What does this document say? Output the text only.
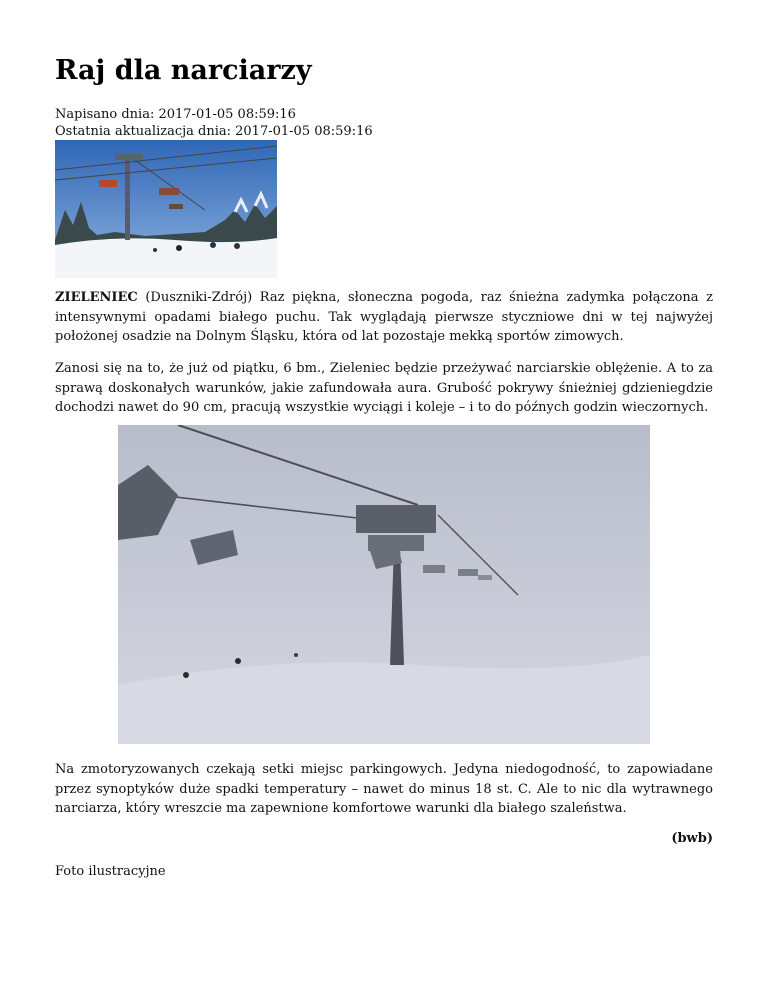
Raj dla narciarzy
Napisano dnia: 2017-01-05 08:59:16
Ostatnia aktualizacja dnia: 2017-01-05 08:59:16

ZIELENIEC (Duszniki-Zdrój) Raz piękna, słoneczna pogoda, raz śnieżna zadymka połączona z intensywnymi opadami białego puchu. Tak wyglądają pierwsze styczniowe dni w tej najwyżej położonej osadzie na Dolnym Śląsku, która od lat pozostaje mekką sportów zimowych.

Zanosi się na to, że już od piątku, 6 bm., Zieleniec będzie przeżywać narciarskie oblężenie. A to za sprawą doskonałych warunków, jakie zafundowała aura. Grubość pokrywy śnieżniej gdzieniegdzie dochodzi nawet do 90 cm, pracują wszystkie wyciągi i koleje – i to do późnych godzin wieczornych.

Na zmotoryzowanych czekają setki miejsc parkingowych. Jedyna niedogodność, to zapowiadane przez synoptyków duże spadki temperatury – nawet do minus 18 st. C. Ale to nic dla wytrawnego narciarza, który wreszcie ma zapewnione komfortowe warunki dla białego szaleństwa.

(bwb)
Foto ilustracyjne
